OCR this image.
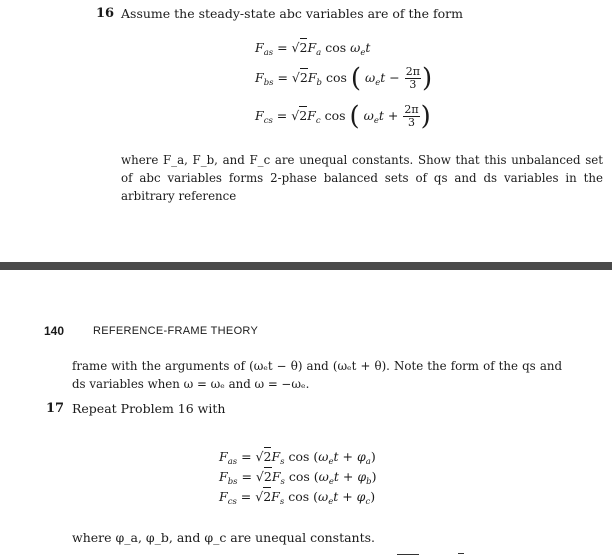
16 Assume the steady-state abc variables are of the form
$F_{as} = √2F_a$ $\cos \omega_et$
$F_{bs} = √2F_b$ cos ( $\omega_et - \frac{2\pi}{3}$ )
$F_{cs} = √2F_c$ cos ( $\omega_et + \frac{2\pi}{3}$ )
where F_a, F_b, and F_c are unequal constants. Show that this unbalanced set of abc variables forms 2-phase balanced sets of qs and ds variables in the arbitrary reference
140	REFERENCE-FRAME THEORY
frame with the arguments of (ωₑt − θ) and (ωₑt + θ). Note the form of the qs and ds variables when ω = ωₑ and ω = −ωₑ.
17 Repeat Problem 16 with
$F_{as} = √2F_s$ $\cos (\omega_et + \varphi_a)$
$F_{bs} = √2F_s$ $\cos (\omega_et + \varphi_b)$
$F_{cs} = √2F_s$ $\cos (\omega_et + \varphi_c)$
where φ_a, φ_b, and φ_c are unequal constants.
